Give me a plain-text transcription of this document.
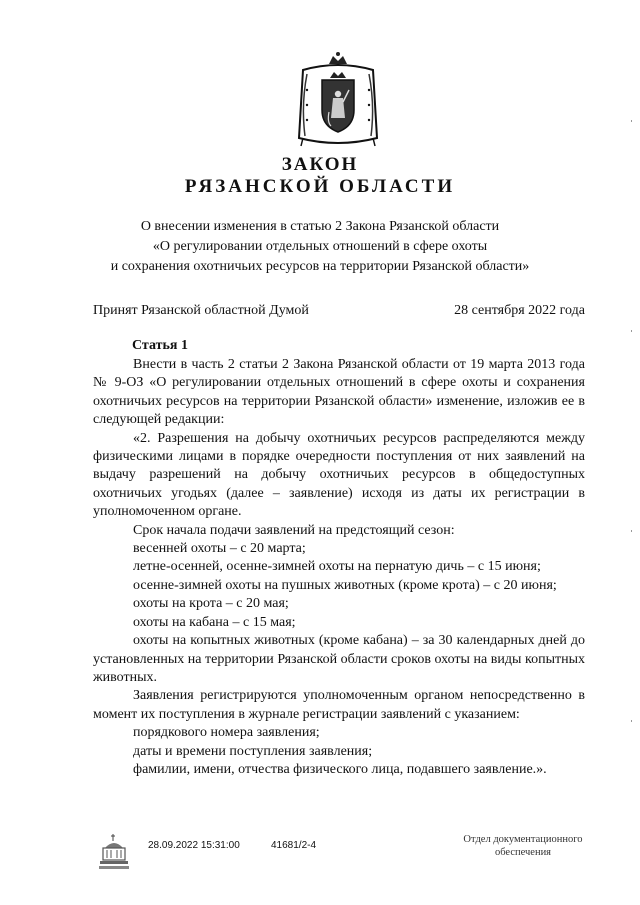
ЗАКОН
РЯЗАНСКОЙ ОБЛАСТИ
О внесении изменения в статью 2 Закона Рязанской области
«О регулировании отдельных отношений в сфере охоты
и сохранения охотничьих ресурсов на территории Рязанской области»
Принят Рязанской областной Думой	28 сентября 2022 года
Статья 1

Внести в часть 2 статьи 2 Закона Рязанской области от 19 марта 2013 года № 9-ОЗ «О регулировании отдельных отношений в сфере охоты и сохранения охотничьих ресурсов на территории Рязанской области» изменение, изложив ее в следующей редакции:

«2. Разрешения на добычу охотничьих ресурсов распределяются между физическими лицами в порядке очередности поступления от них заявлений на выдачу разрешений на добычу охотничьих ресурсов в общедоступных охотничьих угодьях (далее – заявление) исходя из даты их регистрации в уполномоченном органе.

Срок начала подачи заявлений на предстоящий сезон:

весенней охоты – с 20 марта;

летне-осенней, осенне-зимней охоты на пернатую дичь – с 15 июня;

осенне-зимней охоты на пушных животных (кроме крота) – с 20 июня;

охоты на крота – с 20 мая;

охоты на кабана – с 15 мая;

охоты на копытных животных (кроме кабана) – за 30 календарных дней до установленных на территории Рязанской области сроков охоты на виды копытных животных.

Заявления регистрируются уполномоченным органом непосредственно в момент их поступления в журнале регистрации заявлений с указанием:

порядкового номера заявления;

даты и времени поступления заявления;

фамилии, имени, отчества физического лица, подавшего заявление.».

28.09.2022 15:31:00	41681/2-4
Отдел документационного
обеспечения
